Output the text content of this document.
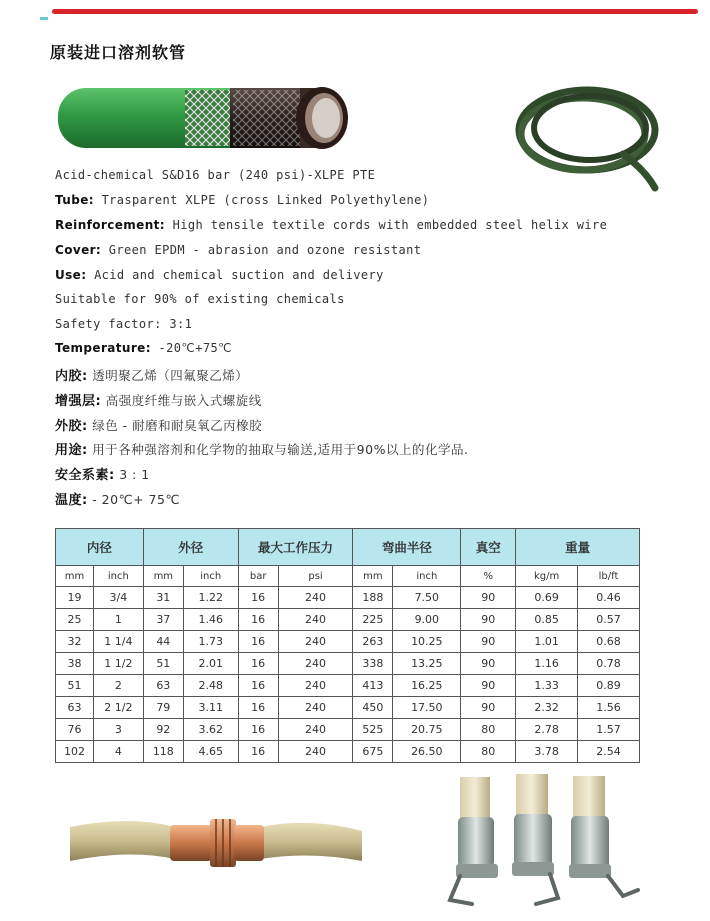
原装进口溶剂软管
Acid-chemical S&D16 bar (240 psi)-XLPE PTE
Tube: Trasparent XLPE (cross Linked Polyethylene)
Reinforcement: High tensile textile cords with embedded steel helix wire
Cover: Green EPDM - abrasion and ozone resistant
Use: Acid and chemical suction and delivery
Suitable for 90% of existing chemicals
Safety factor: 3:1
Temperature: -20℃+75℃
内胶: 透明聚乙烯（四氟聚乙烯）
增强层: 高强度纤维与嵌入式螺旋线
外胶: 绿色 - 耐磨和耐臭氧乙丙橡胶
用途: 用于各种强溶剂和化学物的抽取与输送,适用于90%以上的化学品.
安全系素: 3 : 1
温度: - 20℃+ 75℃
内径		外径		最大工作压力		弯曲半径		真空	重量	
mm	inch	mm	inch	bar	psi	mm	inch	%	kg/m	lb/ft
19	3/4	31	1.22	16	240	188	7.50	90	0.69	0.46
25	1	37	1.46	16	240	225	9.00	90	0.85	0.57
32	1 1/4	44	1.73	16	240	263	10.25	90	1.01	0.68
38	1 1/2	51	2.01	16	240	338	13.25	90	1.16	0.78
51	2	63	2.48	16	240	413	16.25	90	1.33	0.89
63	2 1/2	79	3.11	16	240	450	17.50	90	2.32	1.56
76	3	92	3.62	16	240	525	20.75	80	2.78	1.57
102	4	118	4.65	16	240	675	26.50	80	3.78	2.54
